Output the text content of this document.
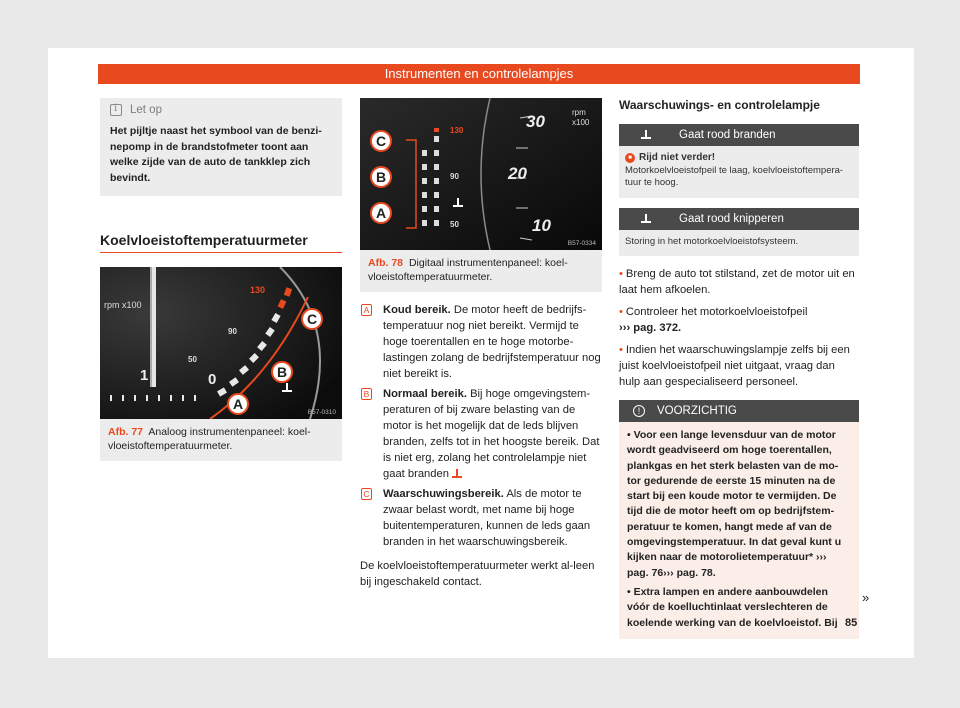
Instrumenten en controlelampjes
i
Let op
Het pijltje naast het symbool van de benzi-nepomp in de brandstofmeter toont aan welke zijde van de auto de tankklep zich bevindt.
Koelvloeistoftemperatuurmeter
rpm x100
130
90
50
1	0
A
B
C
B57-0310
Afb. 77 Analoog instrumentenpaneel: koel-vloeistoftemperatuurmeter.
130
90
50
30
20
10
rpm
x100
C
B
A
B57-0334
Afb. 78 Digitaal instrumentenpaneel: koel-vloeistoftemperatuurmeter.
A Koud bereik. De motor heeft de bedrijfs-temperatuur nog niet bereikt. Vermijd te hoge toerentallen en te hoge motorbe-lastingen zolang de bedrijfstemperatuur nog niet bereikt is.
B Normaal bereik. Bij hoge omgevingstem-peraturen of bij zware belasting van de motor is het mogelijk dat de leds blijven branden, zelfs tot in het hoogste bereik. Dat is niet erg, zolang het controlelampje niet gaat branden
C Waarschuwingsbereik. Als de motor te zwaar belast wordt, met name bij hoge buitentemperaturen, kunnen de leds gaan branden in het waarschuwingsbereik.
De koelvloeistoftemperatuurmeter werkt al-leen bij ingeschakeld contact.
Waarschuwings- en controlelampje
Gaat rood branden
■ Rijd niet verder!
Motorkoelvloeistofpeil te laag, koelvloeistoftempera-tuur te hoog.
Gaat rood knipperen
Storing in het motorkoelvloeistofsysteem.
• Breng de auto tot stilstand, zet de motor uit en laat hem afkoelen.
• Controleer het motorkoelvloeistofpeil
››› pag. 372.
• Indien het waarschuwingslampje zelfs bij een juist koelvloeistofpeil niet uitgaat, vraag dan hulp aan gespecialiseerd personeel.
!	VOORZICHTIG

• Voor een lange levensduur van de motor wordt geadviseerd om hoge toerentallen, plankgas en het sterk belasten van de mo-tor gedurende de eerste 15 minuten na de start bij een koude motor te vermijden. De tijd die de motor heeft om op bedrijfstem-peratuur te komen, hangt mede af van de omgevingstemperatuur. In dat geval kunt u kijken naar de motorolietemperatuur* ››› pag. 76››› pag. 78.

• Extra lampen en andere aanbouwdelen vóór de koelluchtinlaat verslechteren de koelende werking van de koelvloeistof. Bij

»
85
